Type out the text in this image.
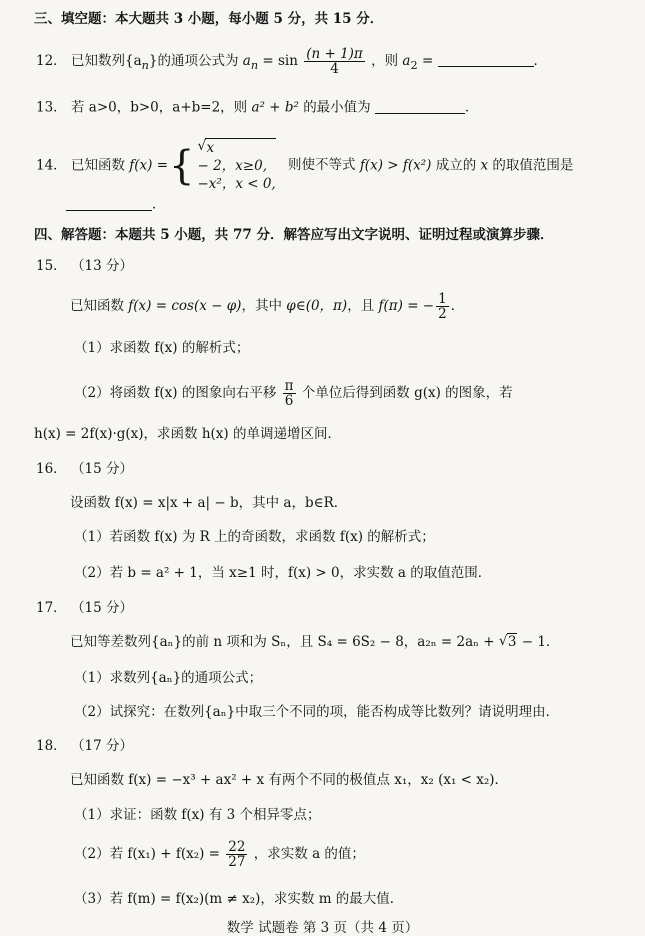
三、填空题：本大题共 3 小题，每小题 5 分，共 15 分．
12． 已知数列$\{a_n\}$的通项公式为 $a_n = \sin \frac{(n + 1)\pi}{4}$ ，则 $a_2$ =	．
13． 若 a>0，b>0，a+b=2，则 a² + b² 的最小值为	．
14． 已知函数 f(x) ={ √ x
− 2，x≥0,
−x²，x < 0,
则使不等式 f(x) > f(x²) 成立的 x 的取值范围是
．
四、解答题：本题共 5 小题，共 77 分．解答应写出文字说明、证明过程或演算步骤．
15． （13 分）
已知函数 f(x) = cos(x − φ)，其中 φ∈(0，π)，且 f(π) = − $\frac{1}{2}$ ．
（1）求函数 f(x) 的解析式；
（2）将函数 f(x) 的图象向右平移 $\frac{\pi}{6}$ 个单位后得到函数 g(x) 的图象，若
h(x) = 2f(x)·g(x)，求函数 h(x) 的单调递增区间．
16． （15 分）
设函数 f(x) = x|x + a| − b，其中 a，b∈R．
（1）若函数 f(x) 为 R 上的奇函数，求函数 f(x) 的解析式；
（2）若 b = a² + 1，当 x≥1 时，f(x) > 0，求实数 a 的取值范围．
17． （15 分）
已知等差数列{aₙ}的前 n 项和为 Sₙ，且 S₄ = 6S₂ − 8，a₂ₙ = 2aₙ + √ 3 − 1．
（1）求数列{aₙ}的通项公式；
（2）试探究：在数列{aₙ}中取三个不同的项，能否构成等比数列？请说明理由．
18． （17 分）
已知函数 f(x) = −x³ + ax² + x 有两个不同的极值点 x₁，x₂ (x₁ < x₂)．
（1）求证：函数 f(x) 有 3 个相异零点；
（2）若 $f(x_1) + f(x_2) = \frac{22}{27}$ ，求实数 a 的值；
（3）若 f(m) = f(x₂)(m ≠ x₂)，求实数 m 的最大值．
数学 试题卷 第 3 页（共 4 页）
